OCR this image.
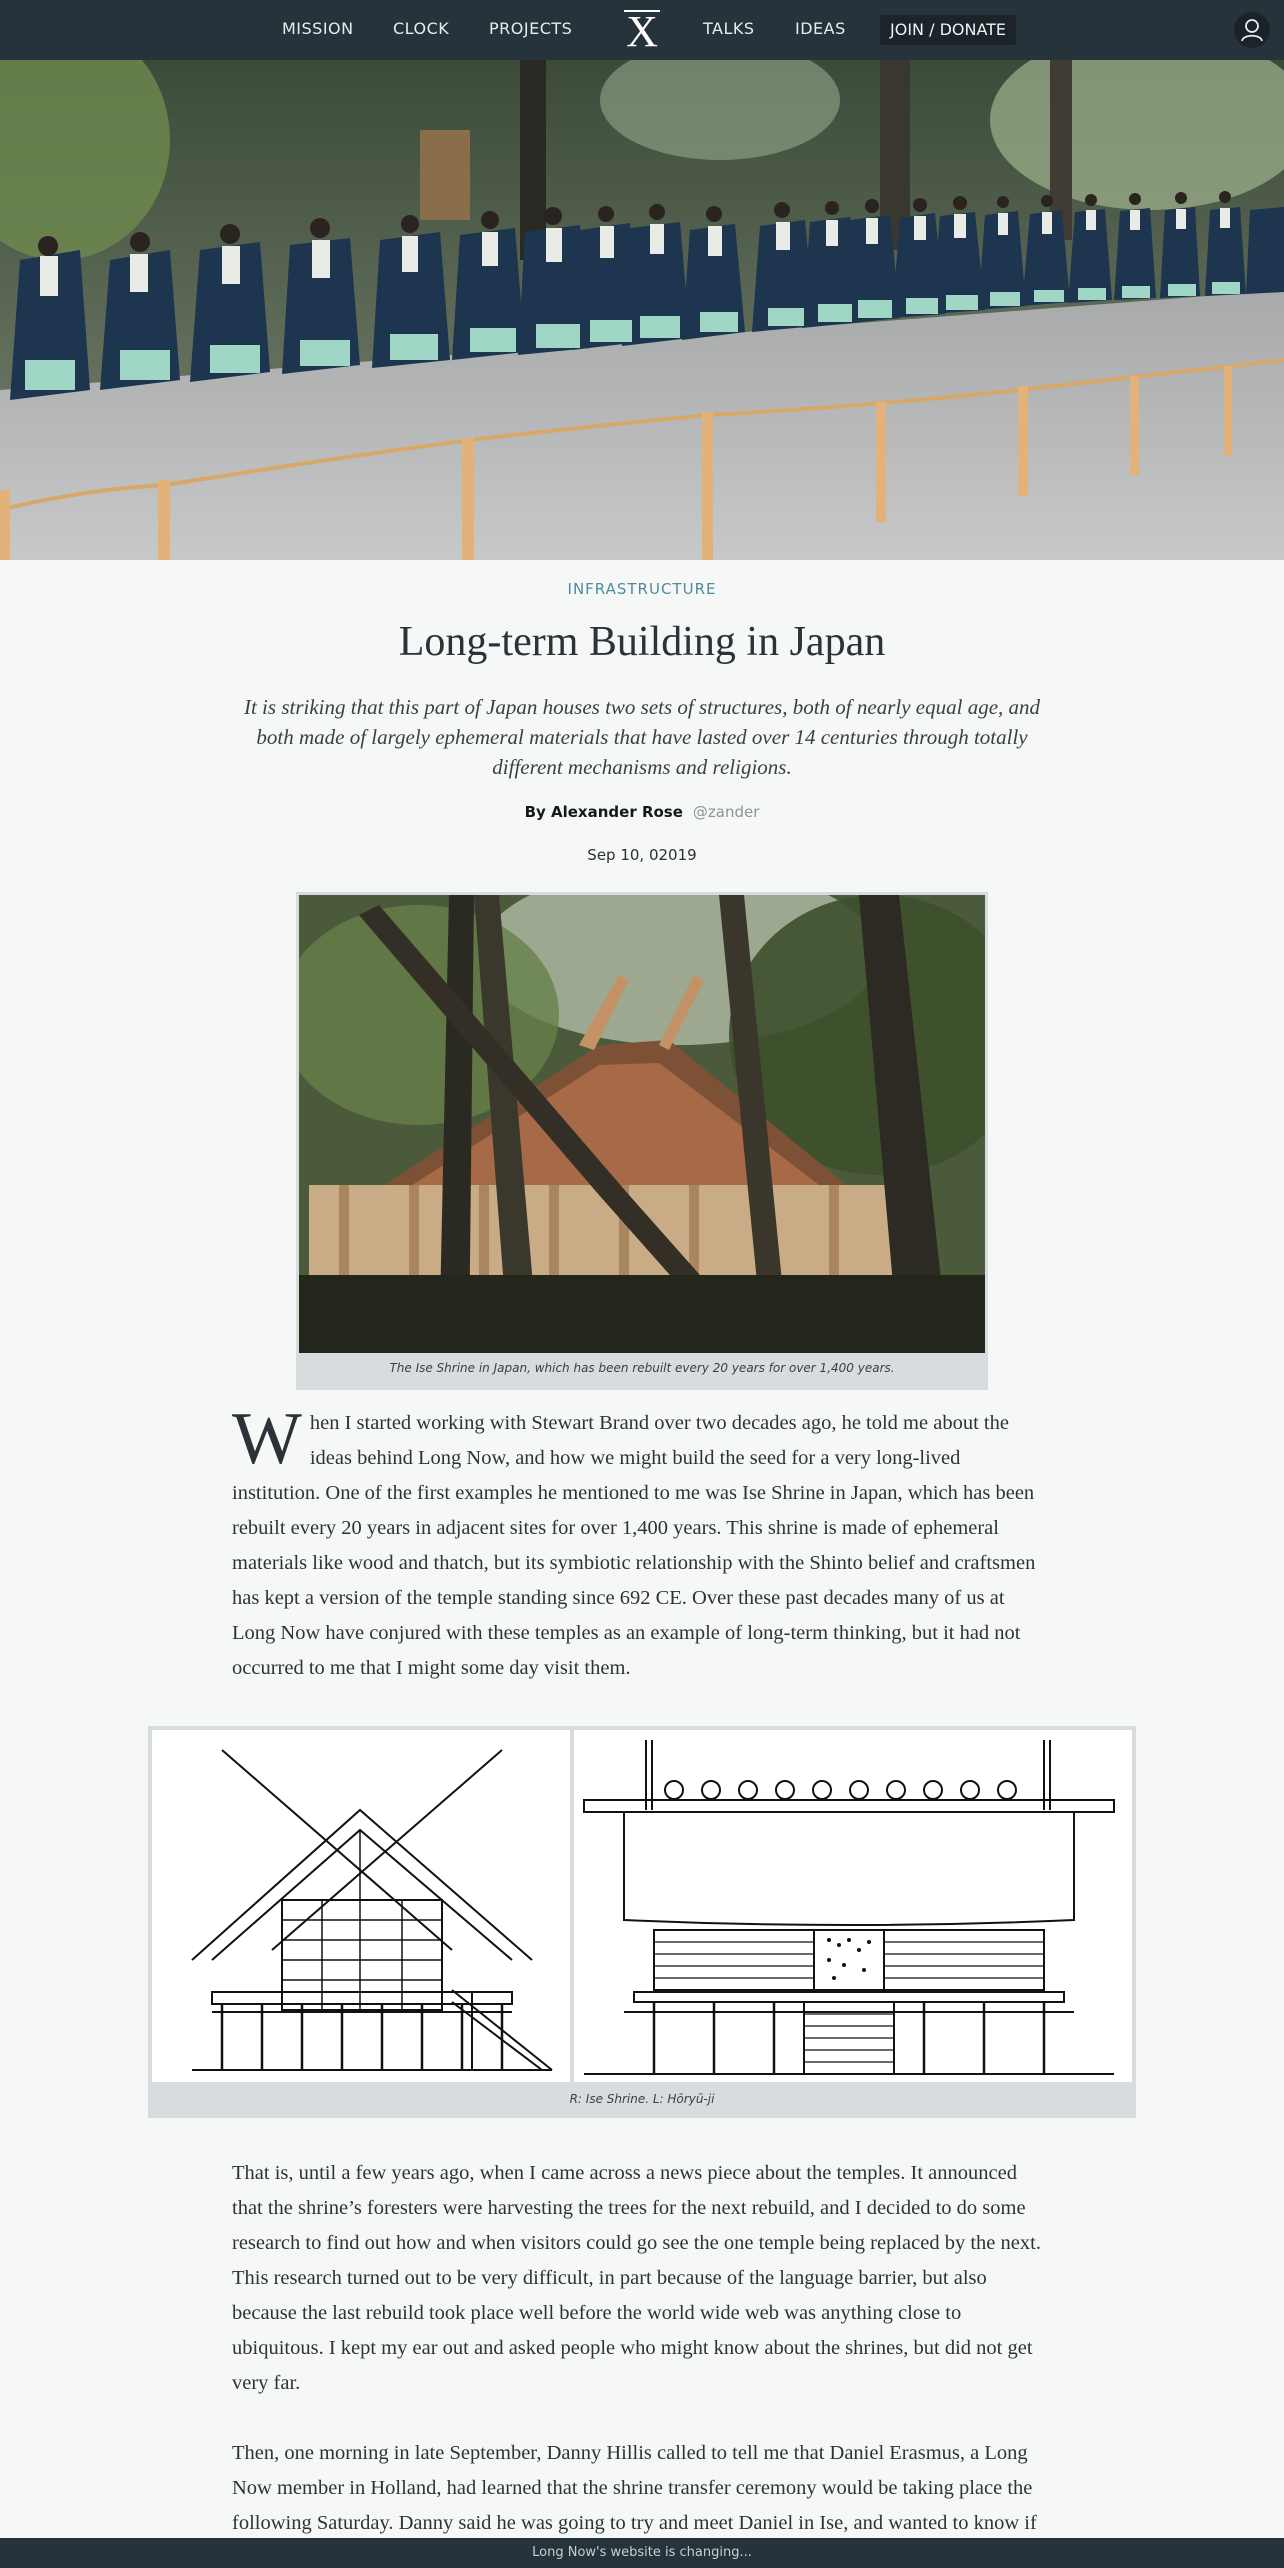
MISSION CLOCK PROJECTS X	TALKS	IDEAS	JOIN / DONATE
INFRASTRUCTURE
Long-term Building in Japan

It is striking that this part of Japan houses two sets of structures, both of nearly equal age, and both made of largely ephemeral materials that have lasted over 14 centuries through totally different mechanisms and religions.

By Alexander Rose @zander
Sep 10, 02019
The Ise Shrine in Japan, which has been rebuilt every 20 years for over 1,400 years.
When I started working with Stewart Brand over two decades ago, he told me about the ideas behind Long Now, and how we might build the seed for a very long-lived institution. One of the first examples he mentioned to me was Ise Shrine in Japan, which has been rebuilt every 20 years in adjacent sites for over 1,400 years. This shrine is made of ephemeral materials like wood and thatch, but its symbiotic relationship with the Shinto belief and craftsmen has kept a version of the temple standing since 692 CE. Over these past decades many of us at Long Now have conjured with these temples as an example of long-term thinking, but it had not occurred to me that I might some day visit them.
R: Ise Shrine. L: Hōryū-ji
That is, until a few years ago, when I came across a news piece about the temples. It announced that the shrine’s foresters were harvesting the trees for the next rebuild, and I decided to do some research to find out how and when visitors could go see the one temple being replaced by the next. This research turned out to be very difficult, in part because of the language barrier, but also because the last rebuild took place well before the world wide web was anything close to ubiquitous. I kept my ear out and asked people who might know about the shrines, but did not get very far.
Then, one morning in late September, Danny Hillis called to tell me that Daniel Erasmus, a Long Now member in Holland, had learned that the shrine transfer ceremony would be taking place the following Saturday. Danny said he was going to try and meet Daniel in Ise, and wanted to know if
Long Now's website is changing...
